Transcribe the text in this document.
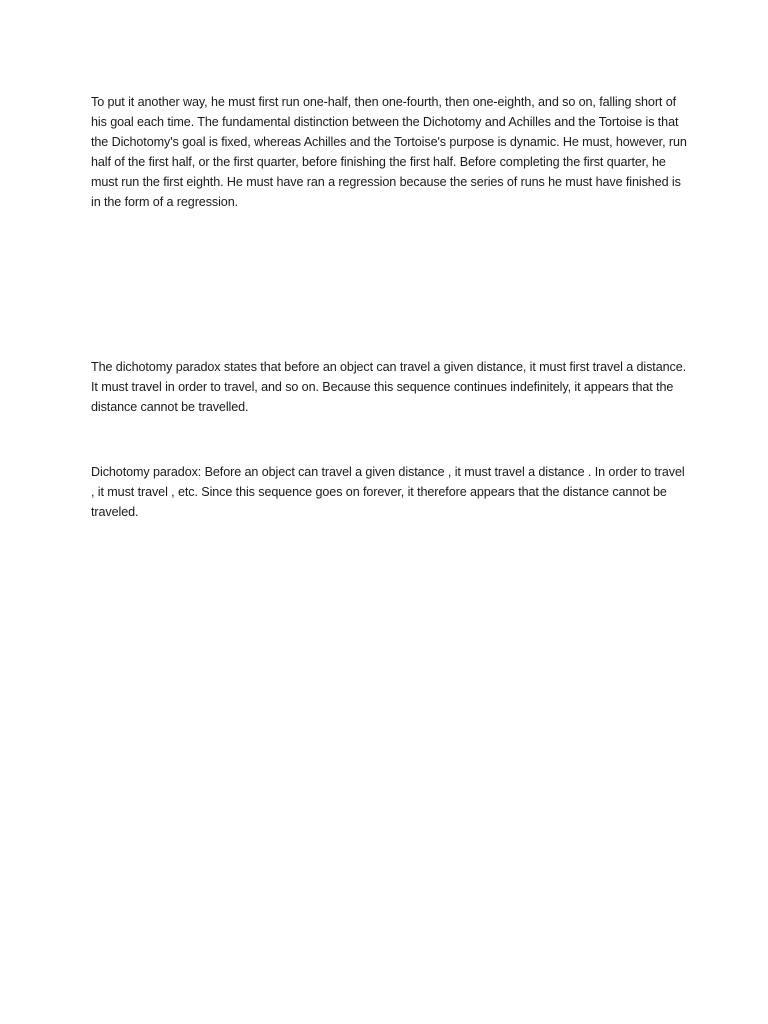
To put it another way, he must first run one-half, then one-fourth, then one-eighth, and so on, falling short of his goal each time. The fundamental distinction between the Dichotomy and Achilles and the Tortoise is that the Dichotomy's goal is fixed, whereas Achilles and the Tortoise's purpose is dynamic. He must, however, run half of the first half, or the first quarter, before finishing the first half. Before completing the first quarter, he must run the first eighth. He must have ran a regression because the series of runs he must have finished is in the form of a regression.

The dichotomy paradox states that before an object can travel a given distance, it must first travel a distance. It must travel in order to travel, and so on. Because this sequence continues indefinitely, it appears that the distance cannot be travelled.

Dichotomy paradox: Before an object can travel a given distance , it must travel a distance . In order to travel , it must travel , etc. Since this sequence goes on forever, it therefore appears that the distance cannot be traveled.
